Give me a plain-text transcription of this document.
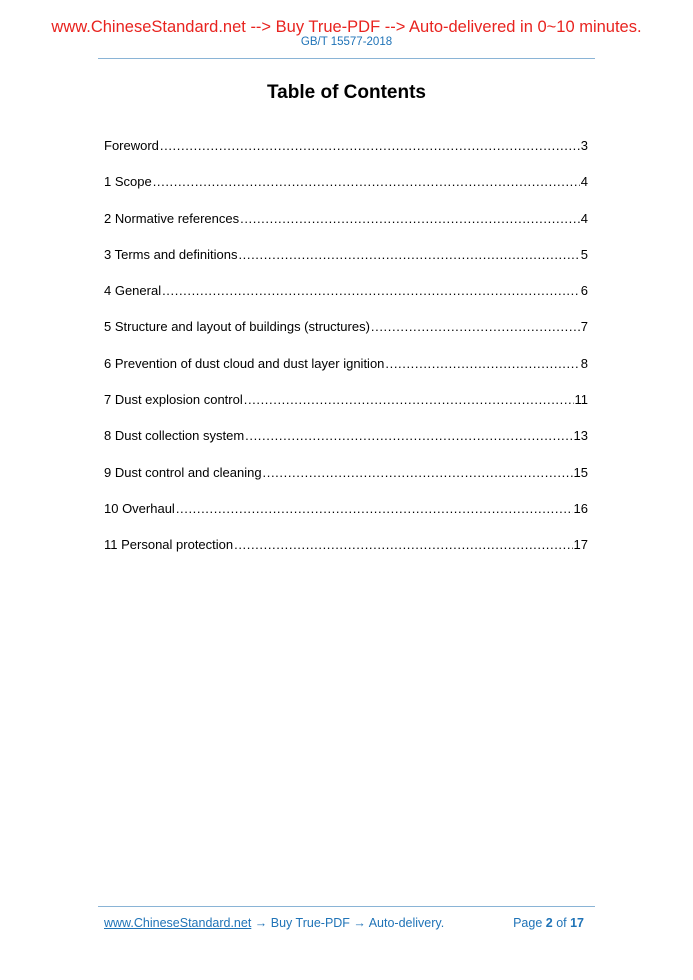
www.ChineseStandard.net --> Buy True-PDF --> Auto-delivered in 0~10 minutes.
GB/T 15577-2018
Table of Contents
Foreword .....	3
1 Scope .....	4
2 Normative references .....	4
3 Terms and definitions .....	5
4 General .....	6
5 Structure and layout of buildings (structures) .....	7
6 Prevention of dust cloud and dust layer ignition .....	8
7 Dust explosion control .....	11
8 Dust collection system .....	13
9 Dust control and cleaning .....	15
10 Overhaul .....	16
11 Personal protection .....	17
www.ChineseStandard.net → Buy True-PDF → Auto-delivery.	Page 2 of 17
